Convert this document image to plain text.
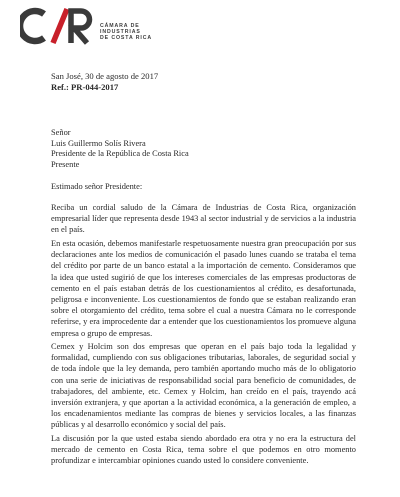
CÁMARA DE
INDUSTRIAS
DE COSTA RICA
San José, 30 de agosto de 2017
Ref.: PR-044-2017
Señor
Luis Guillermo Solís Rivera
Presidente de la República de Costa Rica
Presente
Estimado señor Presidente:

Reciba un cordial saludo de la Cámara de Industrias de Costa Rica, organización empresarial líder que representa desde 1943 al sector industrial y de servicios a la industria en el país.

En esta ocasión, debemos manifestarle respetuosamente nuestra gran preocupación por sus declaraciones ante los medios de comunicación el pasado lunes cuando se trataba el tema del crédito por parte de un banco estatal a la importación de cemento. Consideramos que la idea que usted sugirió de que los intereses comerciales de las empresas productoras de cemento en el país estaban detrás de los cuestionamientos al crédito, es desafortunada, peligrosa e inconveniente. Los cuestionamientos de fondo que se estaban realizando eran sobre el otorgamiento del crédito, tema sobre el cual a nuestra Cámara no le corresponde referirse, y era improcedente dar a entender que los cuestionamientos los promueve alguna empresa o grupo de empresas.

Cemex y Holcim son dos empresas que operan en el país bajo toda la legalidad y formalidad, cumpliendo con sus obligaciones tributarias, laborales, de seguridad social y de toda índole que la ley demanda, pero también aportando mucho más de lo obligatorio con una serie de iniciativas de responsabilidad social para beneficio de comunidades, de trabajadores, del ambiente, etc. Cemex y Holcim, han creído en el país, trayendo acá inversión extranjera, y que aportan a la actividad económica, a la generación de empleo, a los encadenamientos mediante las compras de bienes y servicios locales, a las finanzas públicas y al desarrollo económico y social del país.

La discusión por la que usted estaba siendo abordado era otra y no era la estructura del mercado de cemento en Costa Rica, tema sobre el que podemos en otro momento profundizar e intercambiar opiniones cuando usted lo considere conveniente.
